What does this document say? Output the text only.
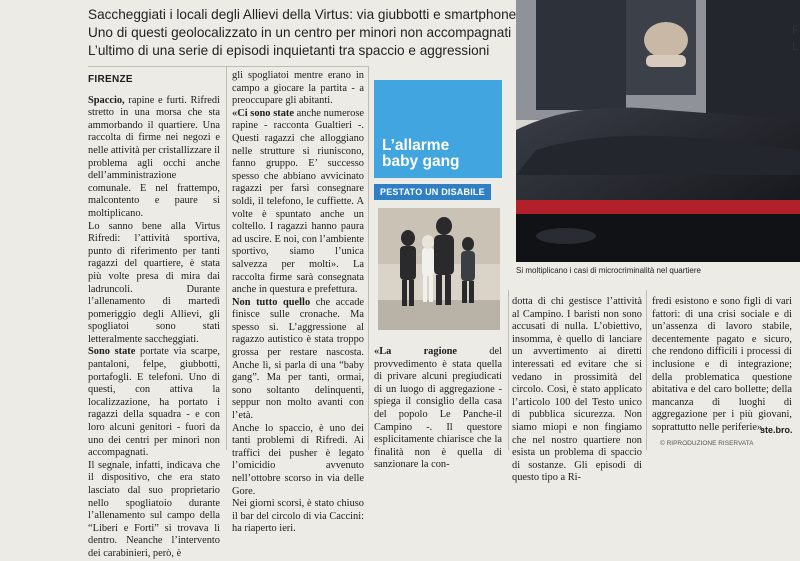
Saccheggiati i locali degli Allievi della Virtus: via giubbotti e smartphone
Uno di questi geolocalizzato in un centro per minori non accompagnati
L’ultimo di una serie di episodi inquietanti tra spaccio e aggressioni
FIRENZE

Spaccio, rapine e furti. Rifredi stretto in una morsa che sta ammorbando il quartiere. Una raccolta di firme nei negozi e nelle attività per cristallizzare il problema agli occhi anche dell’amministrazione comunale. E nel frattempo, malcontento e paure si moltiplicano.

Lo sanno bene alla Virtus Rifredi: l’attività sportiva, punto di riferimento per tanti ragazzi del quartiere, è stata più volte presa di mira dai ladruncoli. Durante l’allenamento di martedì pomeriggio degli Allievi, gli spogliatoi sono stati letteralmente saccheggiati.

Sono state portate via scarpe, pantaloni, felpe, giubbotti, portafogli. E telefoni. Uno di questi, con attiva la localizzazione, ha portato i ragazzi della squadra - e con loro alcuni genitori - fuori da uno dei centri per minori non accompagnati.

Il segnale, infatti, indicava che il dispositivo, che era stato lasciato dal suo proprietario nello spogliatoio durante l’allenamento sul campo della “Liberi e Forti” si trovava lì dentro. Neanche l’intervento dei carabinieri, però, è

gli spogliatoi mentre erano in campo a giocare la partita - a preoccupare gli abitanti.

«Ci sono state anche numerose rapine - racconta Gualtieri -. Questi ragazzi che alloggiano nelle strutture si riuniscono, fanno gruppo. E’ successo spesso che abbiano avvicinato ragazzi per farsi consegnare soldi, il telefono, le cuffiette. A volte è spuntato anche un coltello. I ragazzi hanno paura ad uscire. E noi, con l’ambiente sportivo, siamo l’unica salvezza per molti». La raccolta firme sarà consegnata anche in questura e prefettura.

Non tutto quello che accade finisce sulle cronache. Ma spesso sì. L’aggressione al ragazzo autistico è stata troppo grossa per restare nascosta. Anche lì, si parla di una “baby gang”. Ma per tanti, ormai, sono soltanto delinquenti, seppur non molto avanti con l’età.

Anche lo spaccio, è uno dei tanti problemi di Rifredi. Ai traffici dei pusher è legato l’omicidio avvenuto nell’ottobre scorso in via delle Gore.

Nei giorni scorsi, è stato chiuso il bar del circolo di via Caccini: ha riaperto ieri.

L’allarme
baby gang
PESTATO UN DISABILE
«La ragione del provvedimento è stata quella di privare alcuni pregiudicati di un luogo di aggregazione - spiega il consiglio della casa del popolo Le Panche-il Campino -. Il questore esplicitamente chiarisce che la finalità non è quella di sanzionare la con-
Si moltiplicano i casi di microcriminalità nel quartiere
dotta di chi gestisce l’attività al Campino. I baristi non sono accusati di nulla. L’obiettivo, insomma, è quello di lanciare un avvertimento ai diretti interessati ed evitare che si vedano in prossimità del circolo. Così, è stato applicato l’articolo 100 del Testo unico di pubblica sicurezza. Non siamo miopi e non fingiamo che nel nostro quartiere non esista un problema di spaccio di sostanze. Gli episodi di questo tipo a Ri-
fredi esistono e sono figli di vari fattori: di una crisi sociale e di un’assenza di lavoro stabile, decentemente pagato e sicuro, che rendono difficili i processi di inclusione e di integrazione; della problematica questione abitativa e del caro bollette; della mancanza di luoghi di aggregazione per i più giovani, soprattutto nelle periferie».
ste.bro.
© RIPRODUZIONE RISERVATA
F
L
